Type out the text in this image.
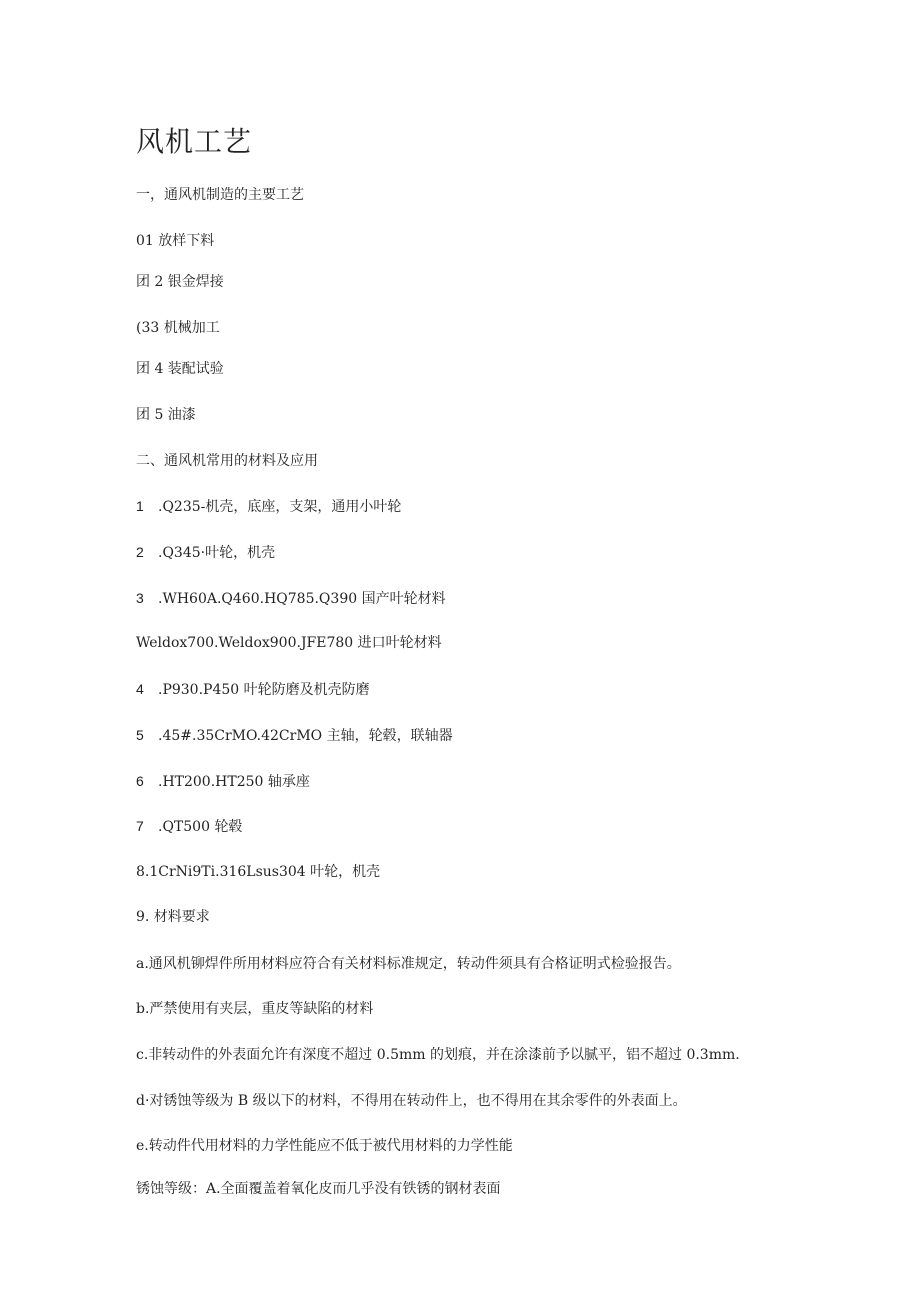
风机工艺
一，通风机制造的主要工艺
01 放样下料
团 2 银金焊接
(33 机械加工
团 4 装配试验
团 5 油漆
二、通风机常用的材料及应用
1 .Q235-机壳，底座，支架，通用小叶轮
2 .Q345·叶轮，机壳
3 .WH60A.Q460.HQ785.Q390 国产叶轮材料
Weldox700.Weldox900.JFE780 进口叶轮材料
4 .P930.P450 叶轮防磨及机壳防磨
5 .45#.35CrMO.42CrMO 主轴，轮毂，联轴器
6 .HT200.HT250 轴承座
7 .QT500 轮毂
8.1CrNi9Ti.316Lsus304 叶轮，机壳
9. 材料要求
a.通风机铆焊件所用材料应符合有关材料标准规定，转动件须具有合格证明式检验报告。
b.严禁使用有夹层，重皮等缺陷的材料
c.非转动件的外表面允许有深度不超过 0.5mm 的划痕，并在涂漆前予以腻平，铝不超过 0.3mm.
d·对锈蚀等级为 B 级以下的材料，不得用在转动件上，也不得用在其余零件的外表面上。
e.转动件代用材料的力学性能应不低于被代用材料的力学性能
锈蚀等级：A.全面覆盖着氧化皮而几乎没有铁锈的钢材表面
